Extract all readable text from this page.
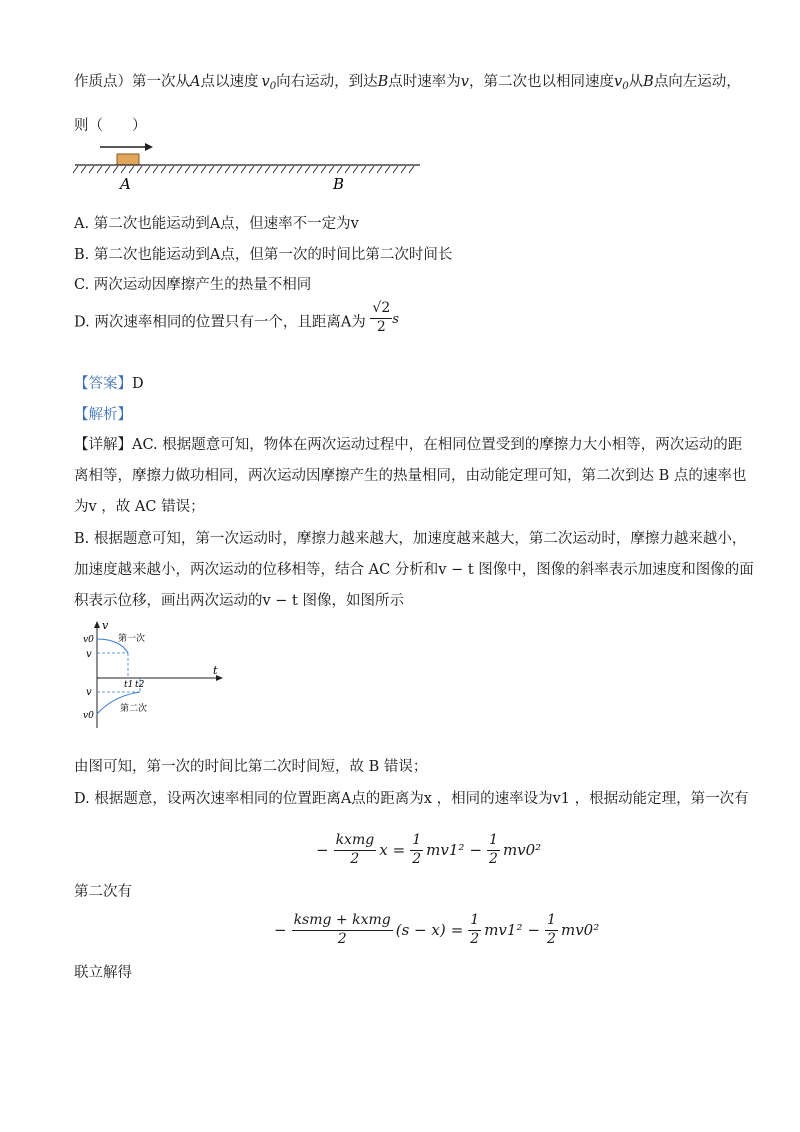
作质点）第一次从A点以速度 $v_0$向右运动，到达B点时速率为v，第二次也以相同速度$v_0$从B点向左运动，
则（　　）
A	B
A. 第二次也能运动到A点，但速率不一定为v
B. 第二次也能运动到A点，但第一次的时间比第二次时间长
C. 两次运动因摩擦产生的热量不相同
D. 两次速率相同的位置只有一个，且距离A为 $\frac{√2}{2}$ s
【答案】D
【解析】
【详解】AC. 根据题意可知，物体在两次运动过程中，在相同位置受到的摩擦力大小相等，两次运动的距
离相等，摩擦力做功相同，两次运动因摩擦产生的热量相同，由动能定理可知，第二次到达 B 点的速率也
为v ，故 AC 错误；
B. 根据题意可知，第一次运动时，摩擦力越来越大，加速度越来越大，第二次运动时，摩擦力越来越小，
加速度越来越小，两次运动的位移相等，结合 AC 分析和v − t 图像中，图像的斜率表示加速度和图像的面
积表示位移，画出两次运动的v − t 图像，如图所示
v
t
v0
v
v
v0
第一次
第二次
t1 t2
由图可知，第一次的时间比第二次时间短，故 B 错误；
D. 根据题意，设两次速率相同的位置距离A点的距离为x ，相同的速率设为v1 ，根据动能定理，第一次有
− $\frac{\text{kxmg}}{2}$ $x = \frac{1}{2} mv1^2 - \frac{1}{2} mv0^2$
第二次有
− $\frac{\text{ksmg + kxmg}}{2} (s - x) = \frac{1}{2} mv1^2 - \frac{1}{2} mv0^2$
联立解得
